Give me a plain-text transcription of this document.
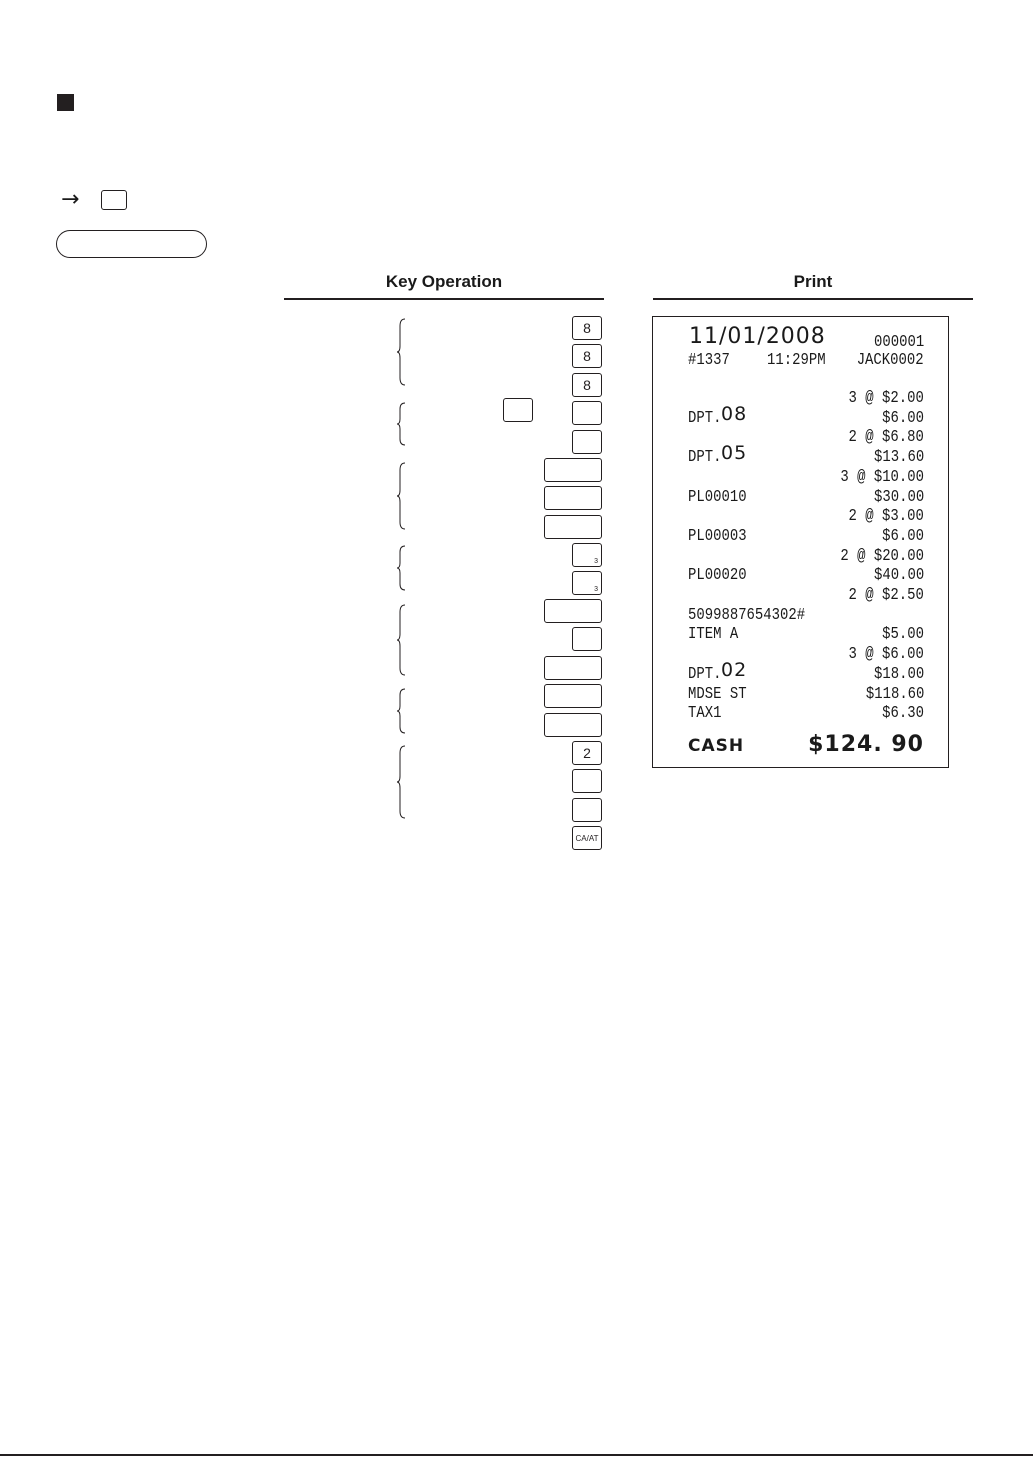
→
Key Operation	Print
8
8
8
3
3
2
CA/AT
11/01/2008	000001
#1337 11:29PM JACK0002
3 @ $2.00
DPT. 08	$6.00
2 @ $6.80
DPT. 05	$13.60
3 @ $10.00
PL00010	$30.00
2 @ $3.00
PL00003	$6.00
2 @ $20.00
PL00020	$40.00
2 @ $2.50
5099887654302#
ITEM A	$5.00
3 @ $6.00
DPT. 02	$18.00
MDSE ST	$118.60
TAX1	$6.30
CASH	$124. 90
